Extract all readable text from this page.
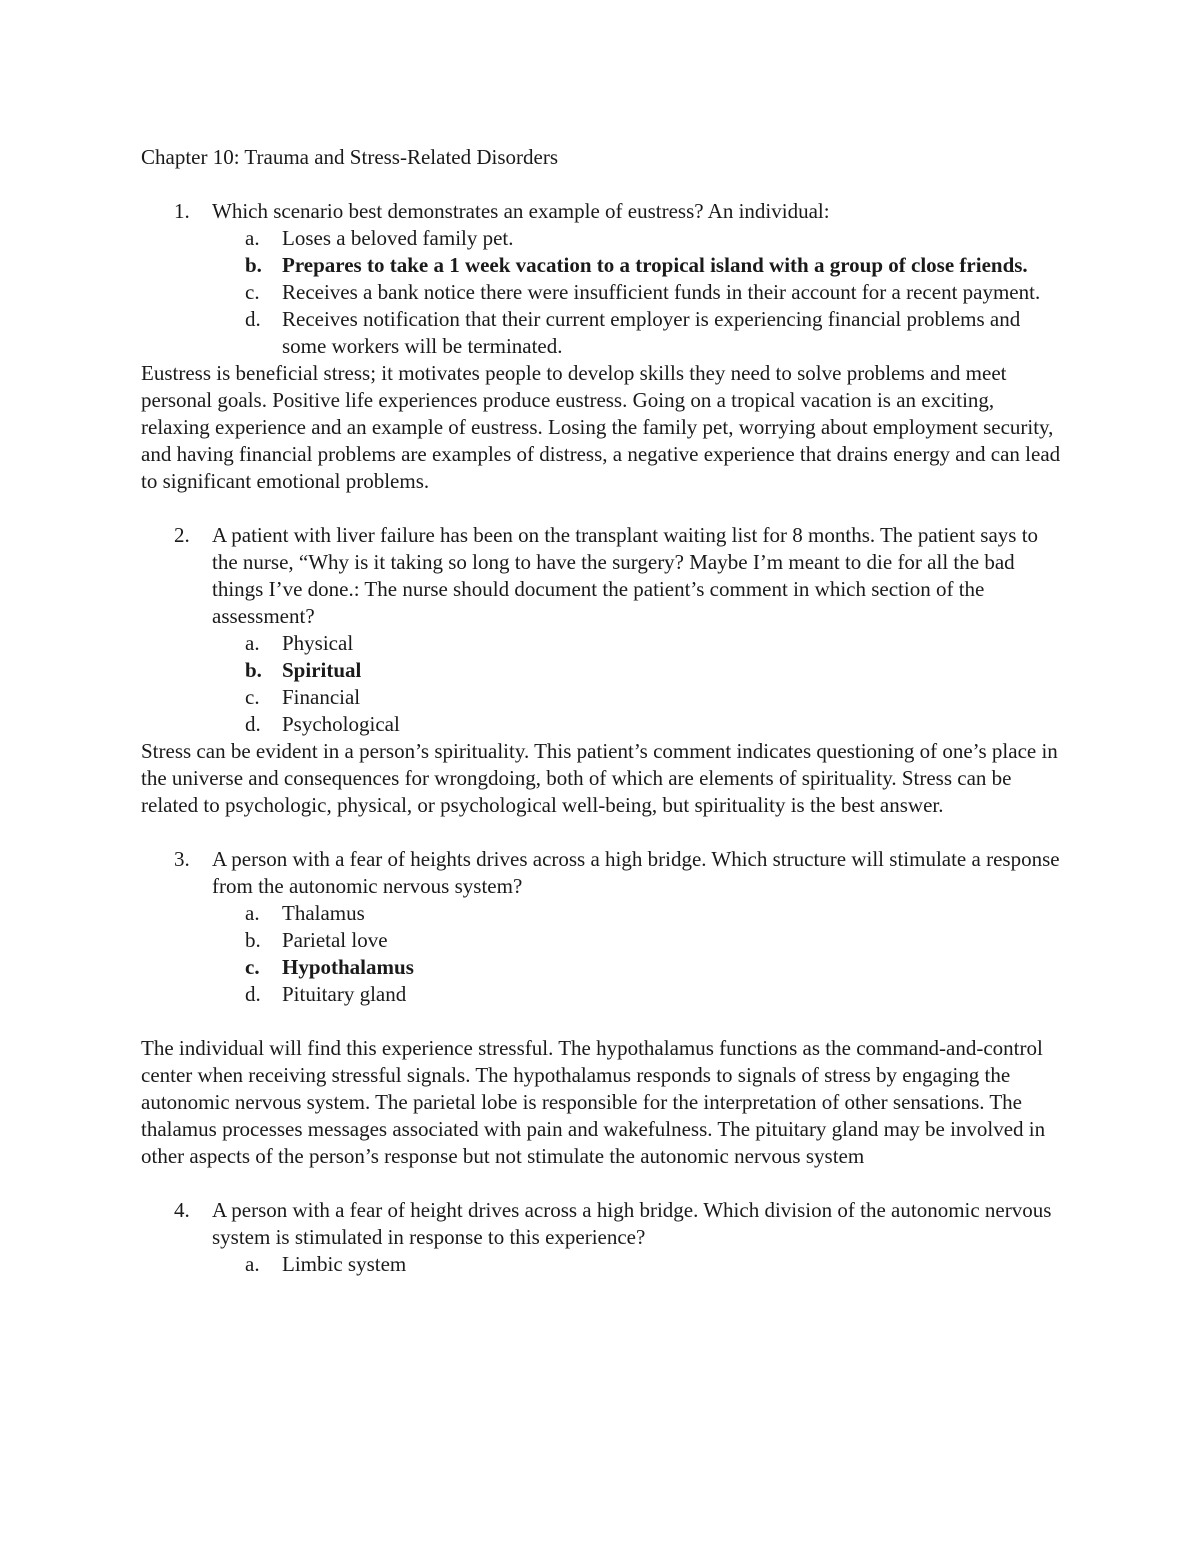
Chapter 10: Trauma and Stress-Related Disorders
1. Which scenario best demonstrates an example of eustress? An individual:
a. Loses a beloved family pet.
b. Prepares to take a 1 week vacation to a tropical island with a group of close friends.
c. Receives a bank notice there were insufficient funds in their account for a recent payment.
d. Receives notification that their current employer is experiencing financial problems and some workers will be terminated.

Eustress is beneficial stress; it motivates people to develop skills they need to solve problems and meet personal goals. Positive life experiences produce eustress. Going on a tropical vacation is an exciting, relaxing experience and an example of eustress. Losing the family pet, worrying about employment security, and having financial problems are examples of distress, a negative experience that drains energy and can lead to significant emotional problems.

2. A patient with liver failure has been on the transplant waiting list for 8 months. The patient says to the nurse, “Why is it taking so long to have the surgery? Maybe I’m meant to die for all the bad things I’ve done.: The nurse should document the patient’s comment in which section of the assessment?
a. Physical
b. Spiritual
c. Financial
d. Psychological

Stress can be evident in a person’s spirituality. This patient’s comment indicates questioning of one’s place in the universe and consequences for wrongdoing, both of which are elements of spirituality. Stress can be related to psychologic, physical, or psychological well-being, but spirituality is the best answer.

3. A person with a fear of heights drives across a high bridge. Which structure will stimulate a response from the autonomic nervous system?
a. Thalamus
b. Parietal love
c. Hypothalamus
d. Pituitary gland

The individual will find this experience stressful. The hypothalamus functions as the command-and-control center when receiving stressful signals. The hypothalamus responds to signals of stress by engaging the autonomic nervous system. The parietal lobe is responsible for the interpretation of other sensations. The thalamus processes messages associated with pain and wakefulness. The pituitary gland may be involved in other aspects of the person’s response but not stimulate the autonomic nervous system

4. A person with a fear of height drives across a high bridge. Which division of the autonomic nervous system is stimulated in response to this experience?
a. Limbic system
